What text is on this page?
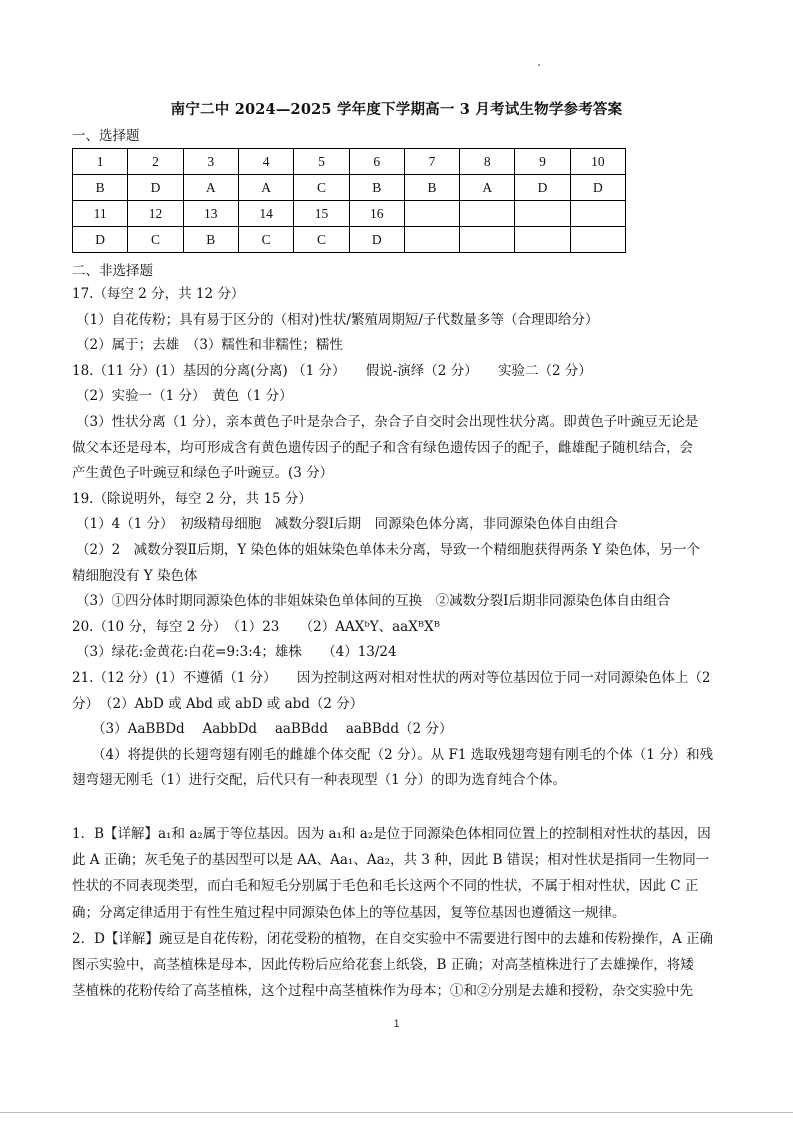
南宁二中 2024—2025 学年度下学期高一 3 月考试生物学参考答案
一、选择题
1	2	3	4	5	6	7	8	9	10
B	D	A	A	C	B	B	A	D	D
11	12	13	14	15	16				
D	C	B	C	C	D				
二、非选择题
17.（每空 2 分，共 12 分）
（1）自花传粉；具有易于区分的（相对)性状/繁殖周期短/子代数量多等（合理即给分）
（2）属于；去雄　（3）糯性和非糯性；糯性
18.（11 分）(1）基因的分离(分离) （1 分）　　假说-演绎（2 分）　　实验二（2 分）
（2）实验一（1 分）　黄色（1 分）
（3）性状分离（1 分），亲本黄色子叶是杂合子，杂合子自交时会出现性状分离。即黄色子叶豌豆无论是
做父本还是母本，均可形成含有黄色遗传因子的配子和含有绿色遗传因子的配子，雌雄配子随机结合，会
产生黄色子叶豌豆和绿色子叶豌豆。(3 分）
19.（除说明外，每空 2 分，共 15 分）
（1）4（1 分）　初级精母细胞　减数分裂Ⅰ后期　同源染色体分离，非同源染色体自由组合
（2）2　减数分裂Ⅱ后期，Y 染色体的姐妹染色单体未分离，导致一个精细胞获得两条 Y 染色体，另一个
精细胞没有 Y 染色体
（3）①四分体时期同源染色体的非姐妹染色单体间的互换　②减数分裂Ⅰ后期非同源染色体自由组合
20.（10 分，每空 2 分）　（1）23　　（2）AAXᵇY、aaXᴮXᴮ
（3）绿花:金黄花:白花=9:3:4；雄株　　（4）13/24
21.（12 分）(1）不遵循（1 分）　　因为控制这两对相对性状的两对等位基因位于同一对同源染色体上（2
分）　（2）AbD 或 Abd 或 abD 或 abd（2 分）
（3）AaBBDd　 AabbDd　 aaBBdd　 aaBBdd（2 分）
（4）将提供的长翅弯翅有刚毛的雌雄个体交配（2 分）。从 F1 选取残翅弯翅有刚毛的个体（1 分）和残
翅弯翅无刚毛（1）进行交配，后代只有一种表现型（1 分）的即为选育纯合个体。
1．B【详解】a₁和 a₂属于等位基因。因为 a₁和 a₂是位于同源染色体相同位置上的控制相对性状的基因，因
此 A 正确；灰毛兔子的基因型可以是 AA、Aa₁、Aa₂，共 3 种，因此 B 错误；相对性状是指同一生物同一
性状的不同表现类型，而白毛和短毛分别属于毛色和毛长这两个不同的性状，不属于相对性状，因此 C 正
确；分离定律适用于有性生殖过程中同源染色体上的等位基因，复等位基因也遵循这一规律。
2．D【详解】豌豆是自花传粉，闭花受粉的植物，在自交实验中不需要进行图中的去雄和传粉操作，A 正确
图示实验中，高茎植株是母本，因此传粉后应给花套上纸袋，B 正确；对高茎植株进行了去雄操作，将矮
茎植株的花粉传给了高茎植株，这个过程中高茎植株作为母本；①和②分别是去雄和授粉，杂交实验中先
1
